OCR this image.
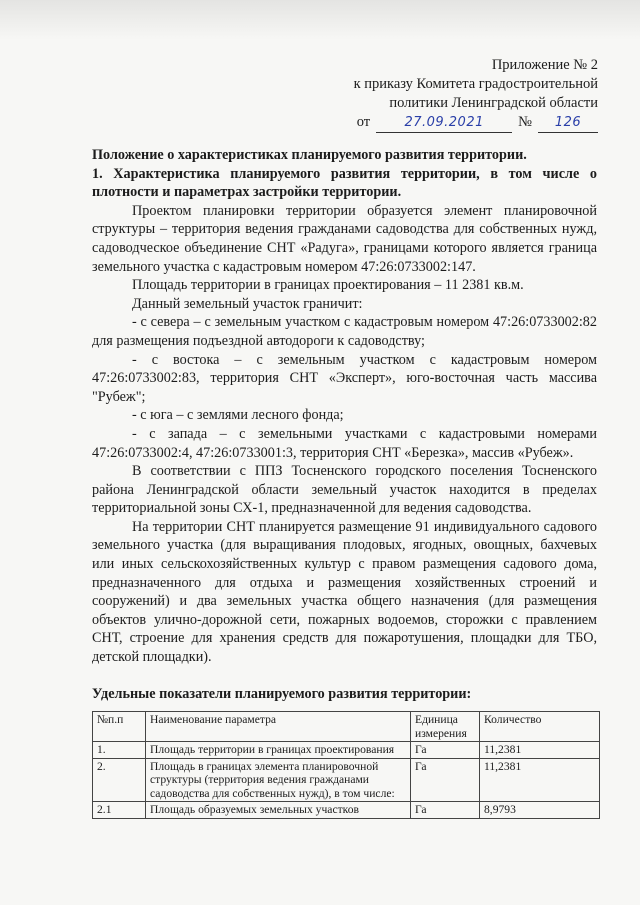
Приложение № 2
к приказу Комитета градостроительной
политики Ленинградской области
от	27.09.2021	№	126

Положение о характеристиках планируемого развития территории.

1. Характеристика планируемого развития территории, в том числе о плотности и параметрах застройки территории.

Проектом планировки территории образуется элемент планировочной структуры – территория ведения гражданами садоводства для собственных нужд, садоводческое объединение СНТ «Радуга», границами которого является граница земельного участка с кадастровым номером 47:26:0733002:147.

Площадь территории в границах проектирования – 11 2381 кв.м.

Данный земельный участок граничит:

- с севера – с земельным участком с кадастровым номером 47:26:0733002:82 для размещения подъездной автодороги к садоводству;

- с востока – с земельным участком с кадастровым номером 47:26:0733002:83, территория СНТ «Эксперт», юго-восточная часть массива "Рубеж";

- с юга – с землями лесного фонда;

- с запада – с земельными участками с кадастровыми номерами 47:26:0733002:4, 47:26:0733001:3, территория СНТ «Березка», массив «Рубеж».

В соответствии с ППЗ Тосненского городского поселения Тосненского района Ленинградской области земельный участок находится в пределах территориальной зоны СХ-1, предназначенной для ведения садоводства.

На территории СНТ планируется размещение 91 индивидуального садового земельного участка (для выращивания плодовых, ягодных, овощных, бахчевых или иных сельскохозяйственных культур с правом размещения садового дома, предназначенного для отдыха и размещения хозяйственных строений и сооружений) и два земельных участка общего назначения (для размещения объектов улично-дорожной сети, пожарных водоемов, сторожки с правлением СНТ, строение для хранения средств для пожаротушения, площадки для ТБО, детской площадки).

Удельные показатели планируемого развития территории:

№п.п	Наименование параметра	Единица измерения	Количество
1.	Площадь территории в границах проектирования	Га	11,2381
2.	Площадь в границах элемента планировочной структуры (территория ведения гражданами садоводства для собственных нужд), в том числе:	Га	11,2381
2.1	Площадь образуемых земельных участков	Га	8,9793
